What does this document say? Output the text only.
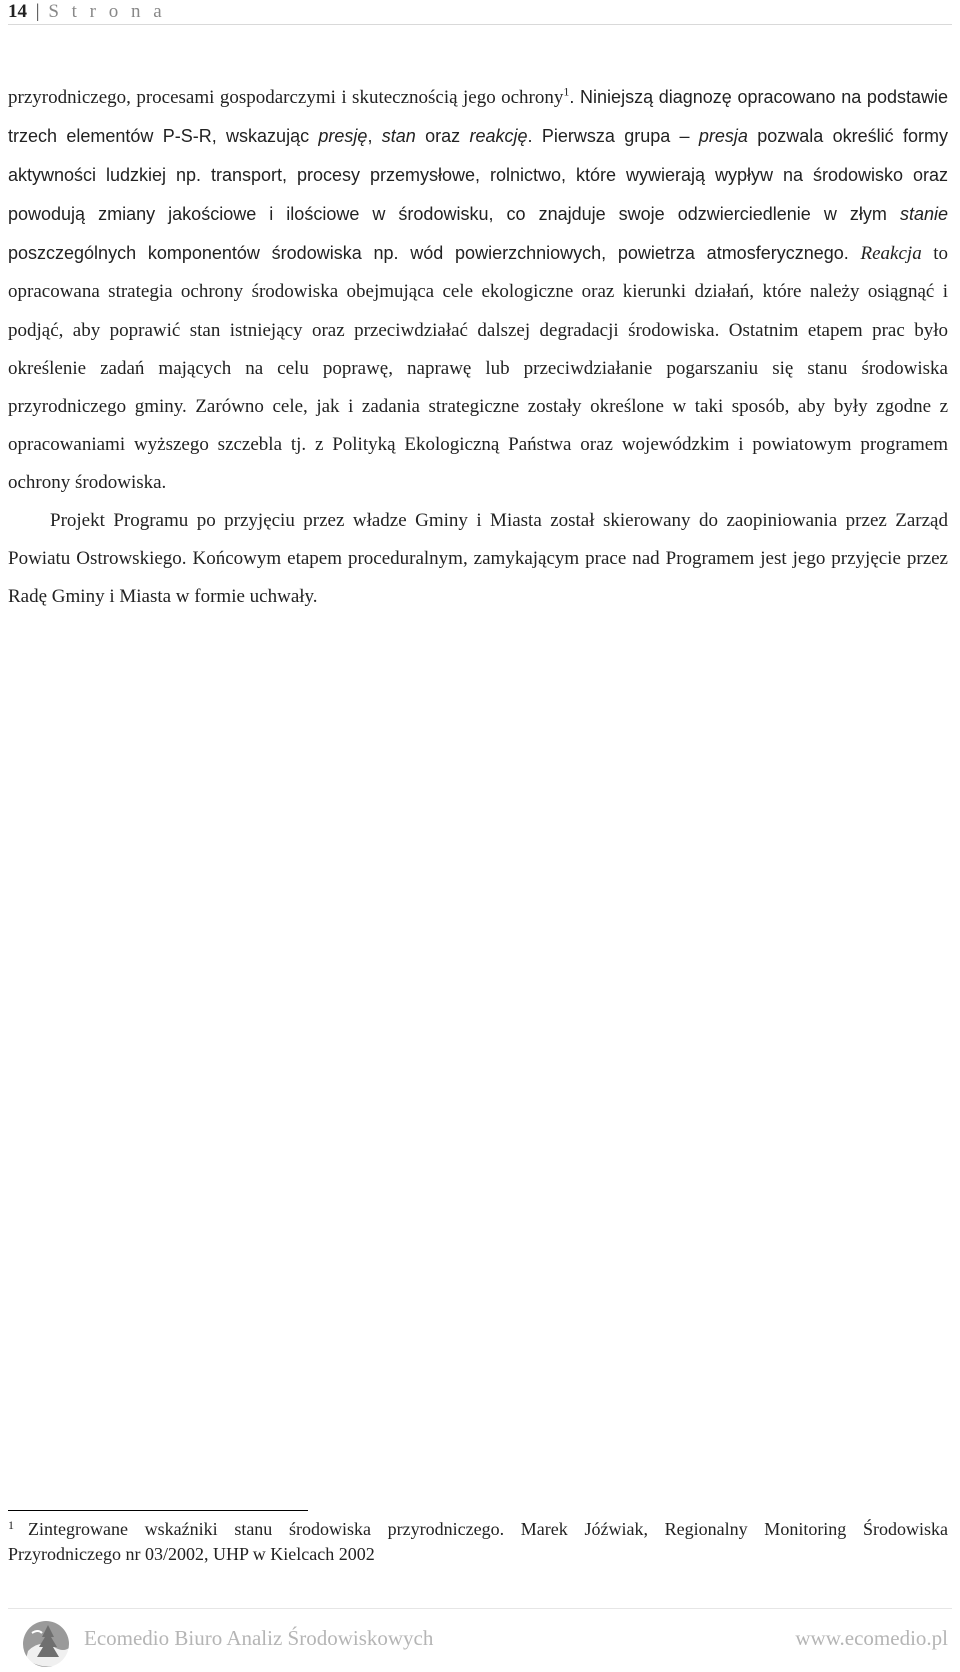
14 | S t r o n a

przyrodniczego, procesami gospodarczymi i skutecznością jego ochrony$^1$. Niniejszą diagnozę opracowano na podstawie trzech elementów P-S-R, wskazując presję, stan oraz reakcję. Pierwsza grupa – presja pozwala określić formy aktywności ludzkiej np. transport, procesy przemysłowe, rolnictwo, które wywierają wypływ na środowisko oraz powodują zmiany jakościowe i ilościowe w środowisku, co znajduje swoje odzwierciedlenie w złym stanie poszczególnych komponentów środowiska np. wód powierzchniowych, powietrza atmosferycznego. Reakcja to opracowana strategia ochrony środowiska obejmująca cele ekologiczne oraz kierunki działań, które należy osiągnąć i podjąć, aby poprawić stan istniejący oraz przeciwdziałać dalszej degradacji środowiska. Ostatnim etapem prac było określenie zadań mających na celu poprawę, naprawę lub przeciwdziałanie pogarszaniu się stanu środowiska przyrodniczego gminy. Zarówno cele, jak i zadania strategiczne zostały określone w taki sposób, aby były zgodne z opracowaniami wyższego szczebla tj. z Polityką Ekologiczną Państwa oraz wojewódzkim i powiatowym programem ochrony środowiska.

Projekt Programu po przyjęciu przez władze Gminy i Miasta został skierowany do zaopiniowania przez Zarząd Powiatu Ostrowskiego. Końcowym etapem proceduralnym, zamykającym prace nad Programem jest jego przyjęcie przez Radę Gminy i Miasta w formie uchwały.

$^1$ Zintegrowane wskaźniki stanu środowiska przyrodniczego. Marek Jóźwiak, Regionalny Monitoring Środowiska Przyrodniczego nr 03/2002, UHP w Kielcach 2002
Ecomedio Biuro Analiz Środowiskowych	www.ecomedio.pl
